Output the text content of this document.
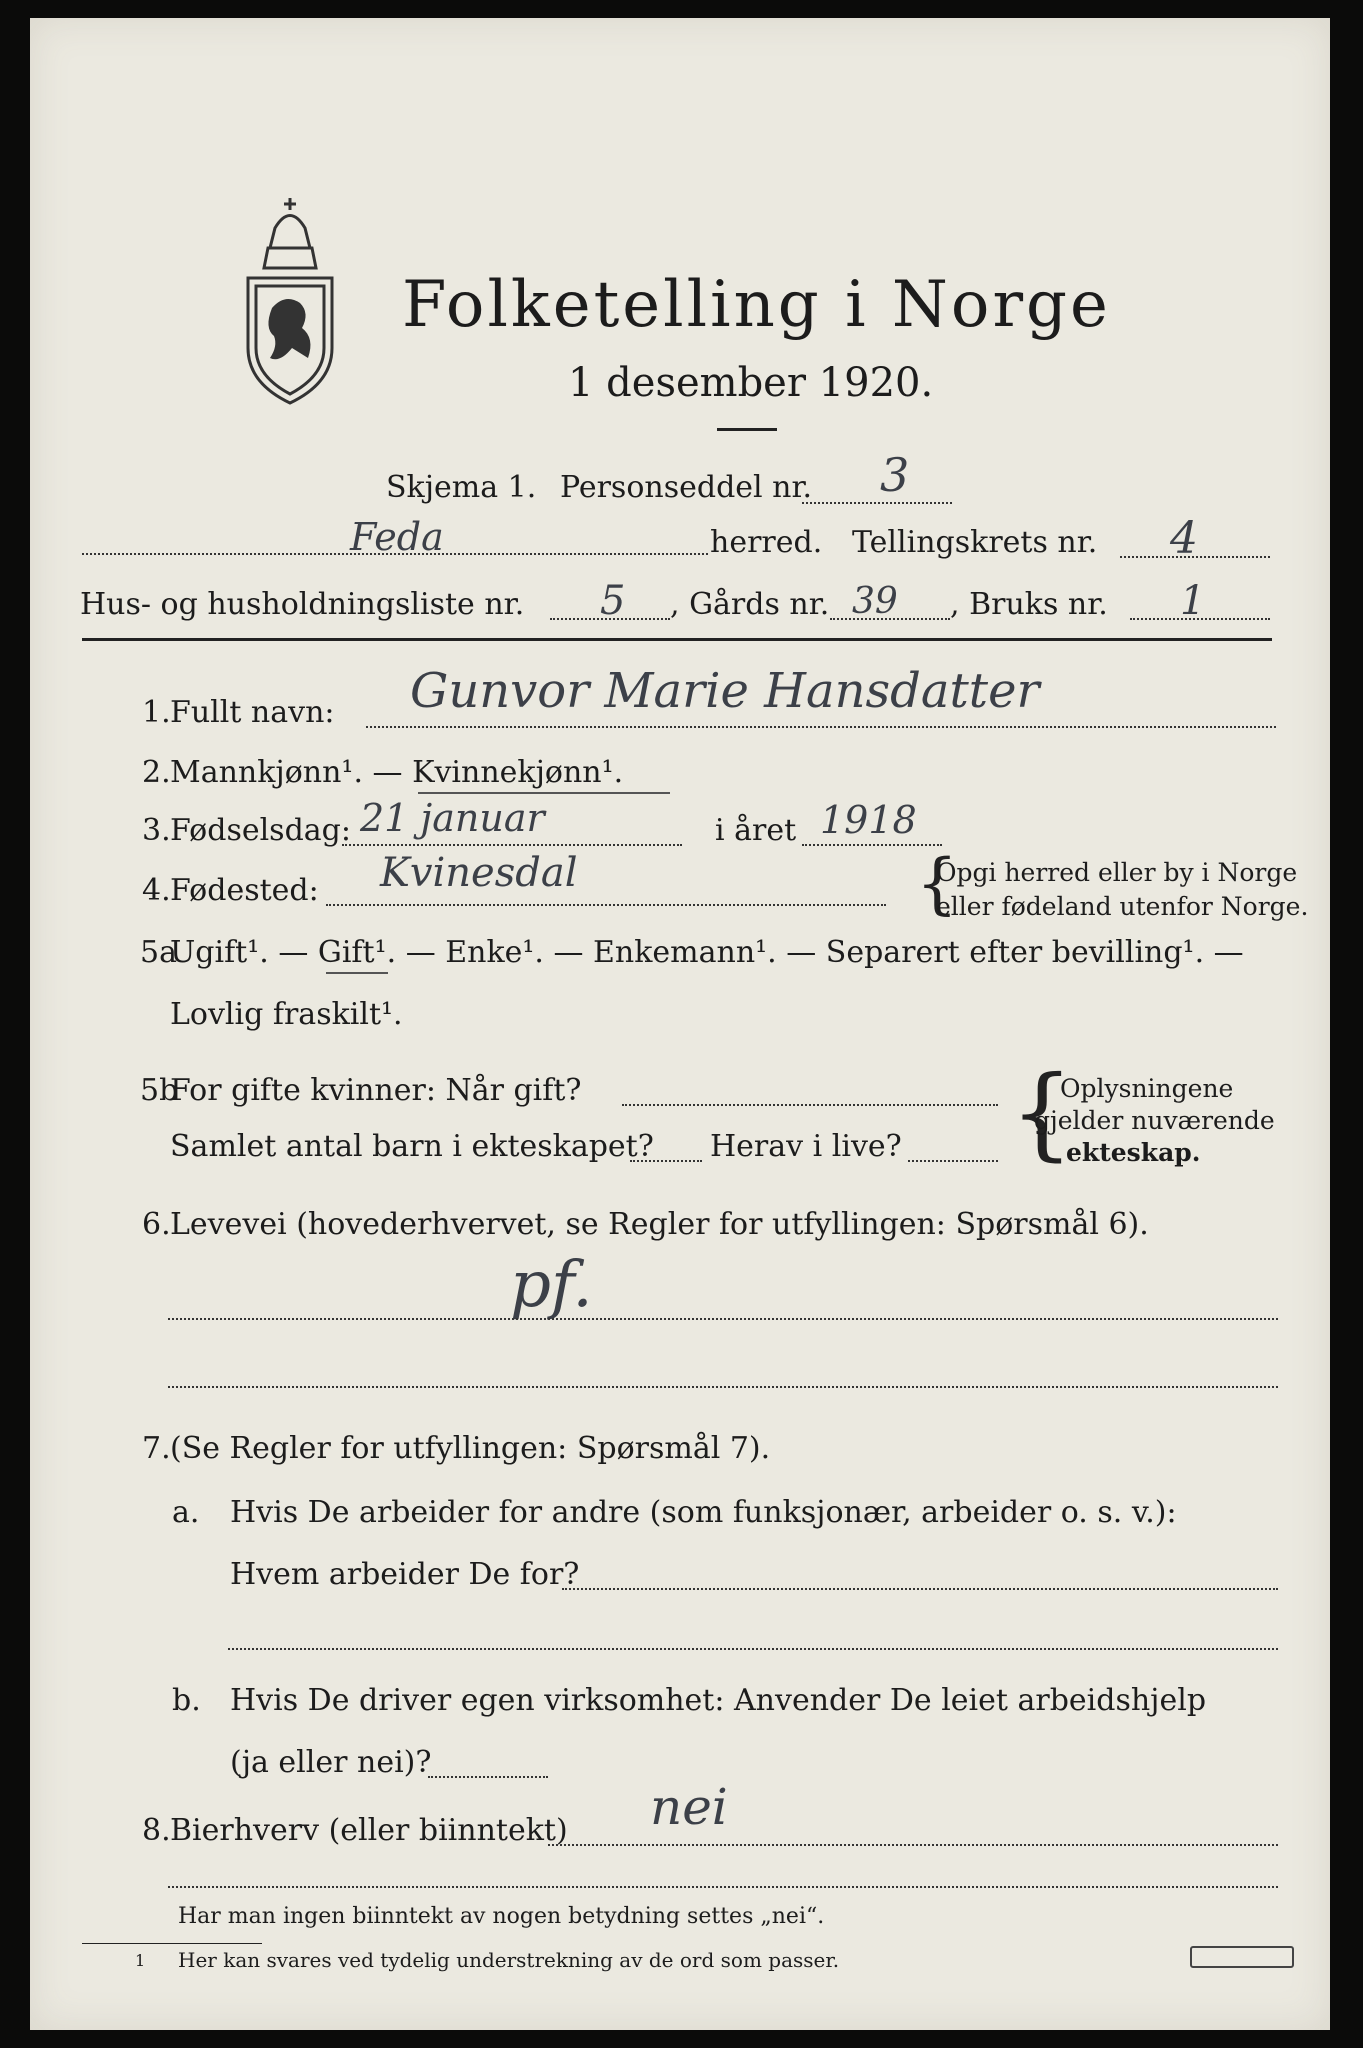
Folketelling i Norge
1 desember 1920.
Skjema 1. Personseddel nr. 3
Feda	herred. Tellingskrets nr. 4
Hus- og husholdningsliste nr. 5 , Gårds nr. 39 , Bruks nr. 1
1. Fullt navn: Gunvor Marie Hansdatter
2. Mannkjønn¹. — Kvinnekjønn¹.
3. Fødselsdag: 21 januar	i året 1918
4. Fødested: Kvinesdal	{
Opgi herred eller by i Norge
eller fødeland utenfor Norge.
5a
Ugift¹. — Gift¹. — Enke¹. — Enkemann¹. — Separert efter bevilling¹. —
Lovlig fraskilt¹.
5b
For gifte kvinner: Når gift?
Samlet antal barn i ekteskapet? Herav i live? {
Oplysningene
gjelder nuværende
ekteskap.
6. Levevei (hovederhvervet, se Regler for utfyllingen: Spørsmål 6).
pf.
7. (Se Regler for utfyllingen: Spørsmål 7).
a. Hvis De arbeider for andre (som funksjonær, arbeider o. s. v.):
Hvem arbeider De for?
b. Hvis De driver egen virksomhet: Anvender De leiet arbeidshjelp
(ja eller nei)?
8. Bierhverv (eller biinntekt) nei
Har man ingen biinntekt av nogen betydning settes „nei“.
1 Her kan svares ved tydelig understrekning av de ord som passer.
